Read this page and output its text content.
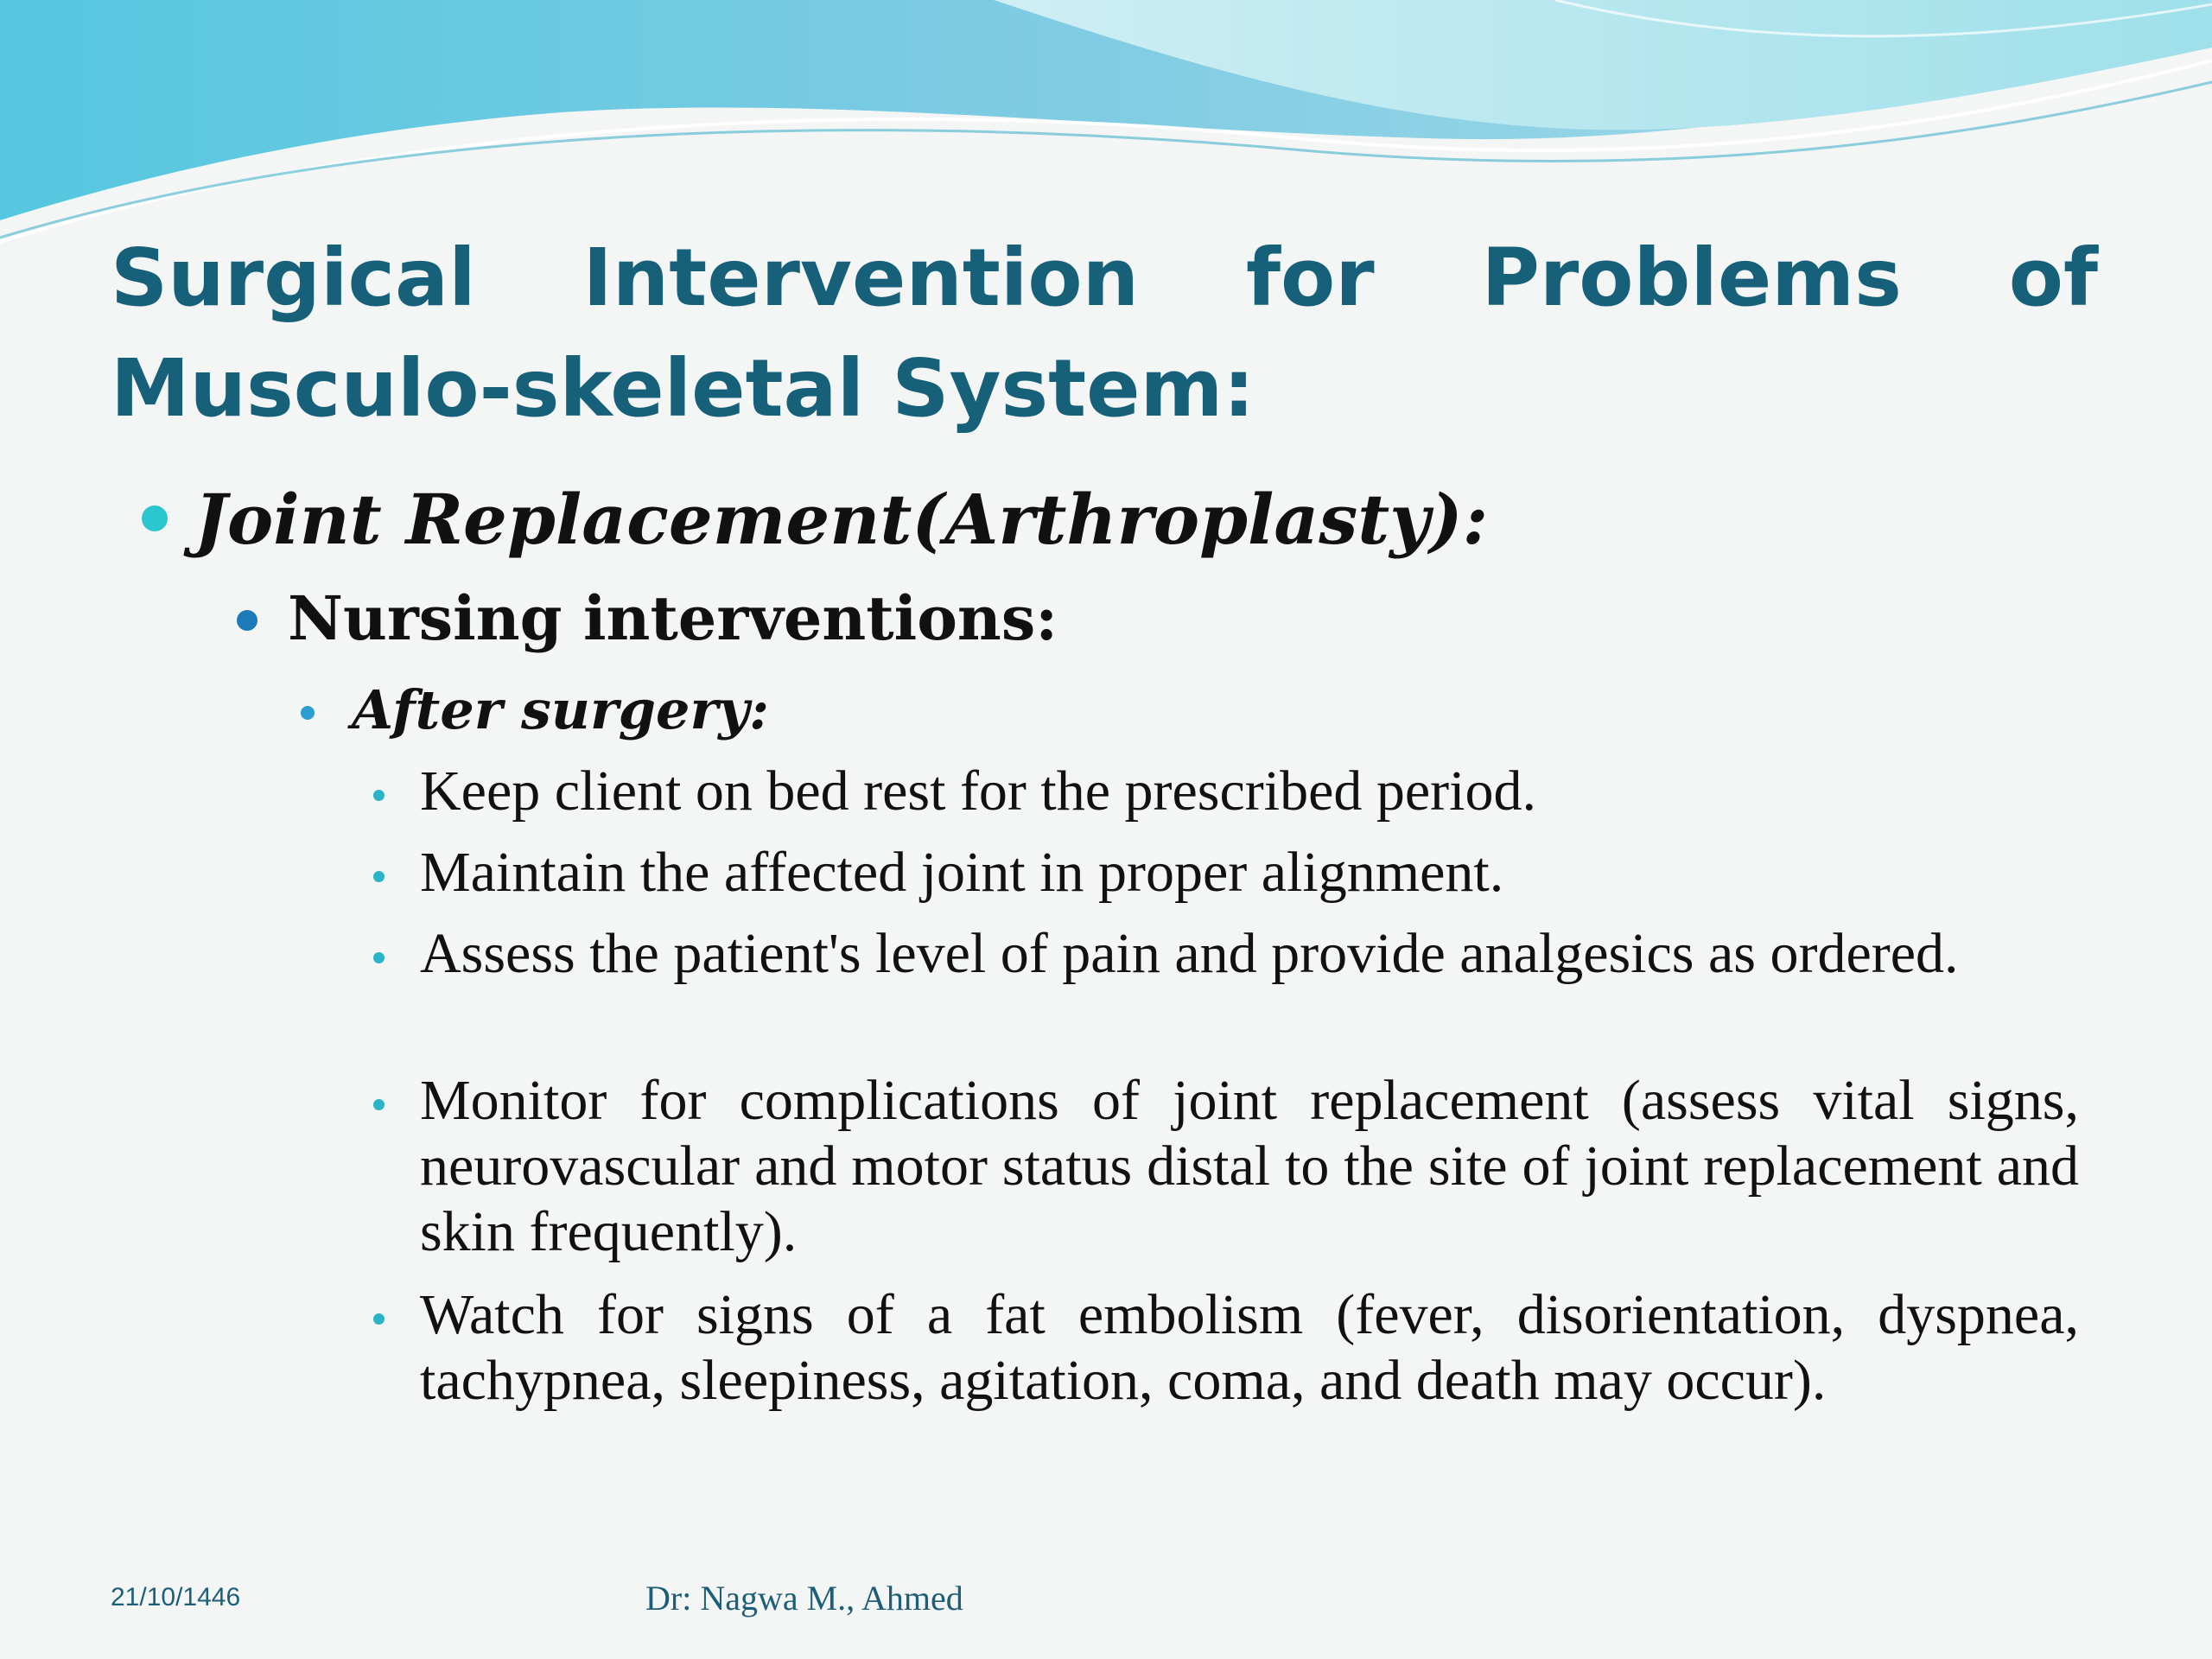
Surgical Intervention for Problems of Musculo-skeletal System:
Joint Replacement(Arthroplasty):
Nursing interventions:
After surgery:
Keep client on bed rest for the prescribed period.
Maintain the affected joint in proper alignment.
Assess the patient's level of pain and provide analgesics as ordered.
Monitor for complications of joint replacement (assess vital signs, neurovascular and motor status distal to the site of joint replacement and skin frequently).
Watch for signs of a fat embolism (fever, disorientation, dyspnea, tachypnea, sleepiness, agitation, coma, and death may occur).
21/10/1446	Dr: Nagwa M., Ahmed
